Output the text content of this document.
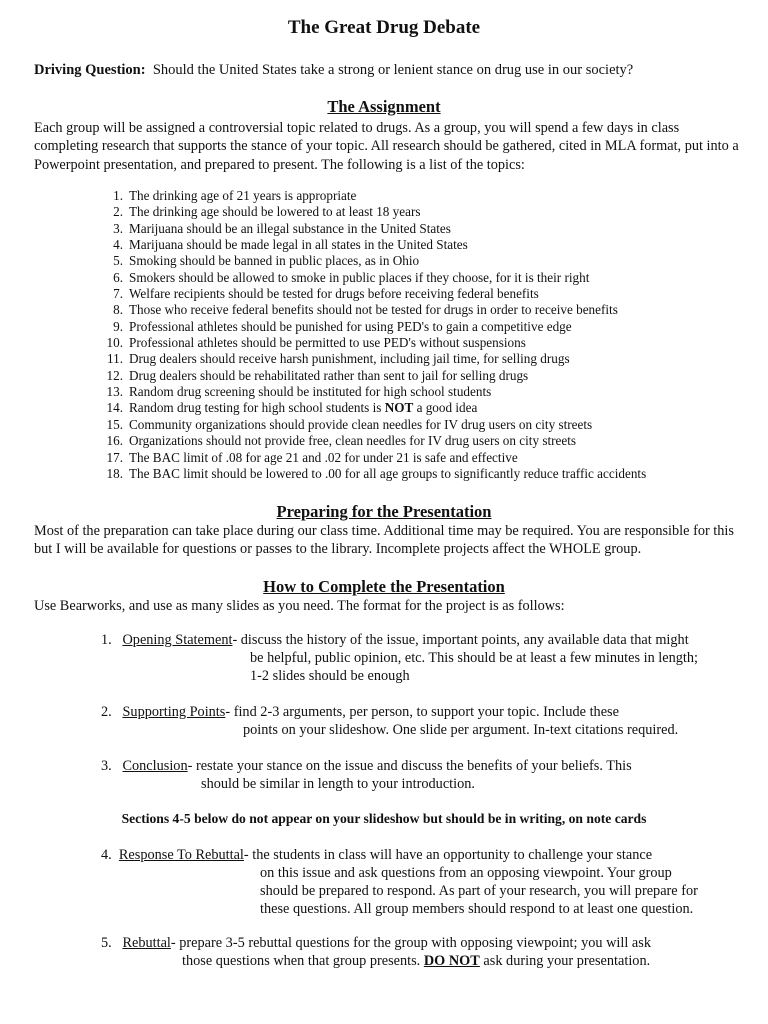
The Great Drug Debate
Driving Question: Should the United States take a strong or lenient stance on drug use in our society?
The Assignment
Each group will be assigned a controversial topic related to drugs. As a group, you will spend a few days in class completing research that supports the stance of your topic. All research should be gathered, cited in MLA format, put into a Powerpoint presentation, and prepared to present. The following is a list of the topics:
1. The drinking age of 21 years is appropriate
2. The drinking age should be lowered to at least 18 years
3. Marijuana should be an illegal substance in the United States
4. Marijuana should be made legal in all states in the United States
5. Smoking should be banned in public places, as in Ohio
6. Smokers should be allowed to smoke in public places if they choose, for it is their right
7. Welfare recipients should be tested for drugs before receiving federal benefits
8. Those who receive federal benefits should not be tested for drugs in order to receive benefits
9. Professional athletes should be punished for using PED's to gain a competitive edge
10. Professional athletes should be permitted to use PED's without suspensions
11. Drug dealers should receive harsh punishment, including jail time, for selling drugs
12. Drug dealers should be rehabilitated rather than sent to jail for selling drugs
13. Random drug screening should be instituted for high school students
14. Random drug testing for high school students is NOT a good idea
15. Community organizations should provide clean needles for IV drug users on city streets
16. Organizations should not provide free, clean needles for IV drug users on city streets
17. The BAC limit of .08 for age 21 and .02 for under 21 is safe and effective
18. The BAC limit should be lowered to .00 for all age groups to significantly reduce traffic accidents
Preparing for the Presentation
Most of the preparation can take place during our class time. Additional time may be required. You are responsible for this but I will be available for questions or passes to the library. Incomplete projects affect the WHOLE group.
How to Complete the Presentation
Use Bearworks, and use as many slides as you need. The format for the project is as follows:
1. Opening Statement- discuss the history of the issue, important points, any available data that might
be helpful, public opinion, etc. This should be at least a few minutes in length;
1-2 slides should be enough
2. Supporting Points- find 2-3 arguments, per person, to support your topic. Include these
points on your slideshow. One slide per argument. In-text citations required.
3. Conclusion- restate your stance on the issue and discuss the benefits of your beliefs. This
should be similar in length to your introduction.
Sections 4-5 below do not appear on your slideshow but should be in writing, on note cards
4. Response To Rebuttal- the students in class will have an opportunity to challenge your stance
on this issue and ask questions from an opposing viewpoint. Your group
should be prepared to respond. As part of your research, you will prepare for
these questions. All group members should respond to at least one question.
5. Rebuttal- prepare 3-5 rebuttal questions for the group with opposing viewpoint; you will ask
those questions when that group presents. DO NOT ask during your presentation.
